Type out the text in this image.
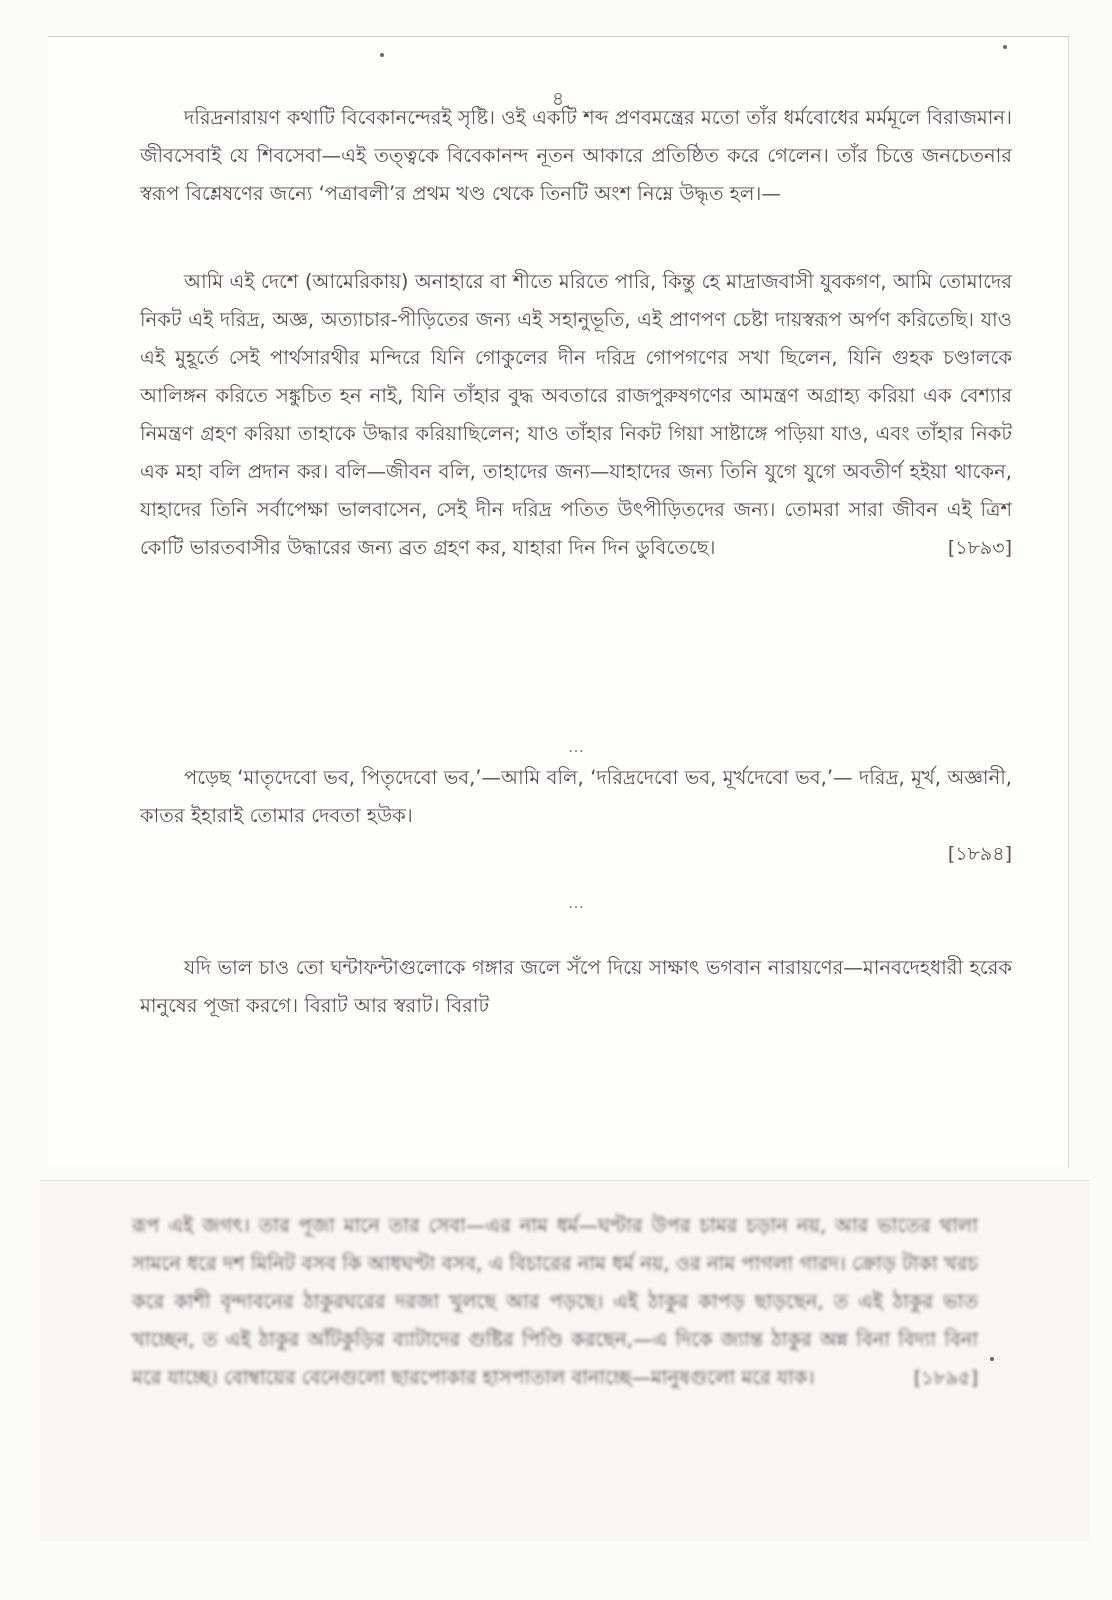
৪

দরিদ্রনারায়ণ কথাটি বিবেকানন্দেরই সৃষ্টি। ওই একটি শব্দ প্রণবমন্ত্রের মতো তাঁর ধর্মবোধের মর্মমূলে বিরাজমান। জীবসেবাই যে শিবসেবা—এই তত্ত্বকে বিবেকানন্দ নূতন আকারে প্রতিষ্ঠিত করে গেলেন। তাঁর চিত্তে জনচেতনার স্বরূপ বিশ্লেষণের জন্যে ‘পত্রাবলী’র প্রথম খণ্ড থেকে তিনটি অংশ নিম্নে উদ্ধৃত হল।—

আমি এই দেশে (আমেরিকায়) অনাহারে বা শীতে মরিতে পারি, কিন্তু হে মাদ্রাজবাসী যুবকগণ, আমি তোমাদের নিকট এই দরিদ্র, অজ্ঞ, অত্যাচার-পীড়িতের জন্য এই সহানুভূতি, এই প্রাণপণ চেষ্টা দায়স্বরূপ অর্পণ করিতেছি। যাও এই মুহূর্তে সেই পার্থসারথীর মন্দিরে যিনি গোকুলের দীন দরিদ্র গোপগণের সখা ছিলেন, যিনি গুহক চণ্ডালকে আলিঙ্গন করিতে সঙ্কুচিত হন নাই, যিনি তাঁহার বুদ্ধ অবতারে রাজপুরুষগণের আমন্ত্রণ অগ্রাহ্য করিয়া এক বেশ্যার নিমন্ত্রণ গ্রহণ করিয়া তাহাকে উদ্ধার করিয়াছিলেন; যাও তাঁহার নিকট গিয়া সাষ্টাঙ্গে পড়িয়া যাও, এবং তাঁহার নিকট এক মহা বলি প্রদান কর। বলি—জীবন বলি, তাহাদের জন্য—যাহাদের জন্য তিনি যুগে যুগে অবতীর্ণ হইয়া থাকেন, যাহাদের তিনি সর্বাপেক্ষা ভালবাসেন, সেই দীন দরিদ্র পতিত উৎপীড়িতদের জন্য। তোমরা সারা জীবন এই ত্রিশ কোটি ভারতবাসীর উদ্ধারের জন্য ব্রত গ্রহণ কর, যাহারা দিন দিন ডুবিতেছে।	[১৮৯৩]

…

পড়েছ ‘মাতৃদেবো ভব, পিতৃদেবো ভব,’—আমি বলি, ‘দরিদ্রদেবো ভব, মূর্খদেবো ভব,’— দরিদ্র, মূর্খ, অজ্ঞানী, কাতর ইহারাই তোমার দেবতা হউক।

[১৮৯৪]

…

যদি ভাল চাও তো ঘন্টাফন্টাগুলোকে গঙ্গার জলে সঁপে দিয়ে সাক্ষাৎ ভগবান নারায়ণের—মানবদেহধারী হরেক মানুষের পূজা করগে। বিরাট আর স্বরাট। বিরাট

রূপ এই জগৎ। তার পূজা মানে তার সেবা—এর নাম ধর্ম—ঘণ্টার উপর চামর চড়ান নয়, আর ভাতের থালা সামনে ধরে দশ মিনিট বসব কি আধঘণ্টা বসব, এ বিচারের নাম ধর্ম নয়, ওর নাম পাগলা গারদ। ক্রোড় টাকা খরচ করে কাশী বৃন্দাবনের ঠাকুরঘরের দরজা খুলছে আর পড়ছে। এই ঠাকুর কাপড় ছাড়ছেন, ত এই ঠাকুর ভাত খাচ্ছেন, ত এই ঠাকুর আঁটকুড়ির ব্যাটাদের গুষ্টির পিণ্ডি করছেন,—এ দিকে জ্যান্ত ঠাকুর অন্ন বিনা বিদ্যা বিনা মরে যাচ্ছে। বোম্বায়ের বেনেগুলো ছারপোকার হাসপাতাল বানাচ্ছে—মানুষগুলো মরে যাক।	[১৮৯৫]
